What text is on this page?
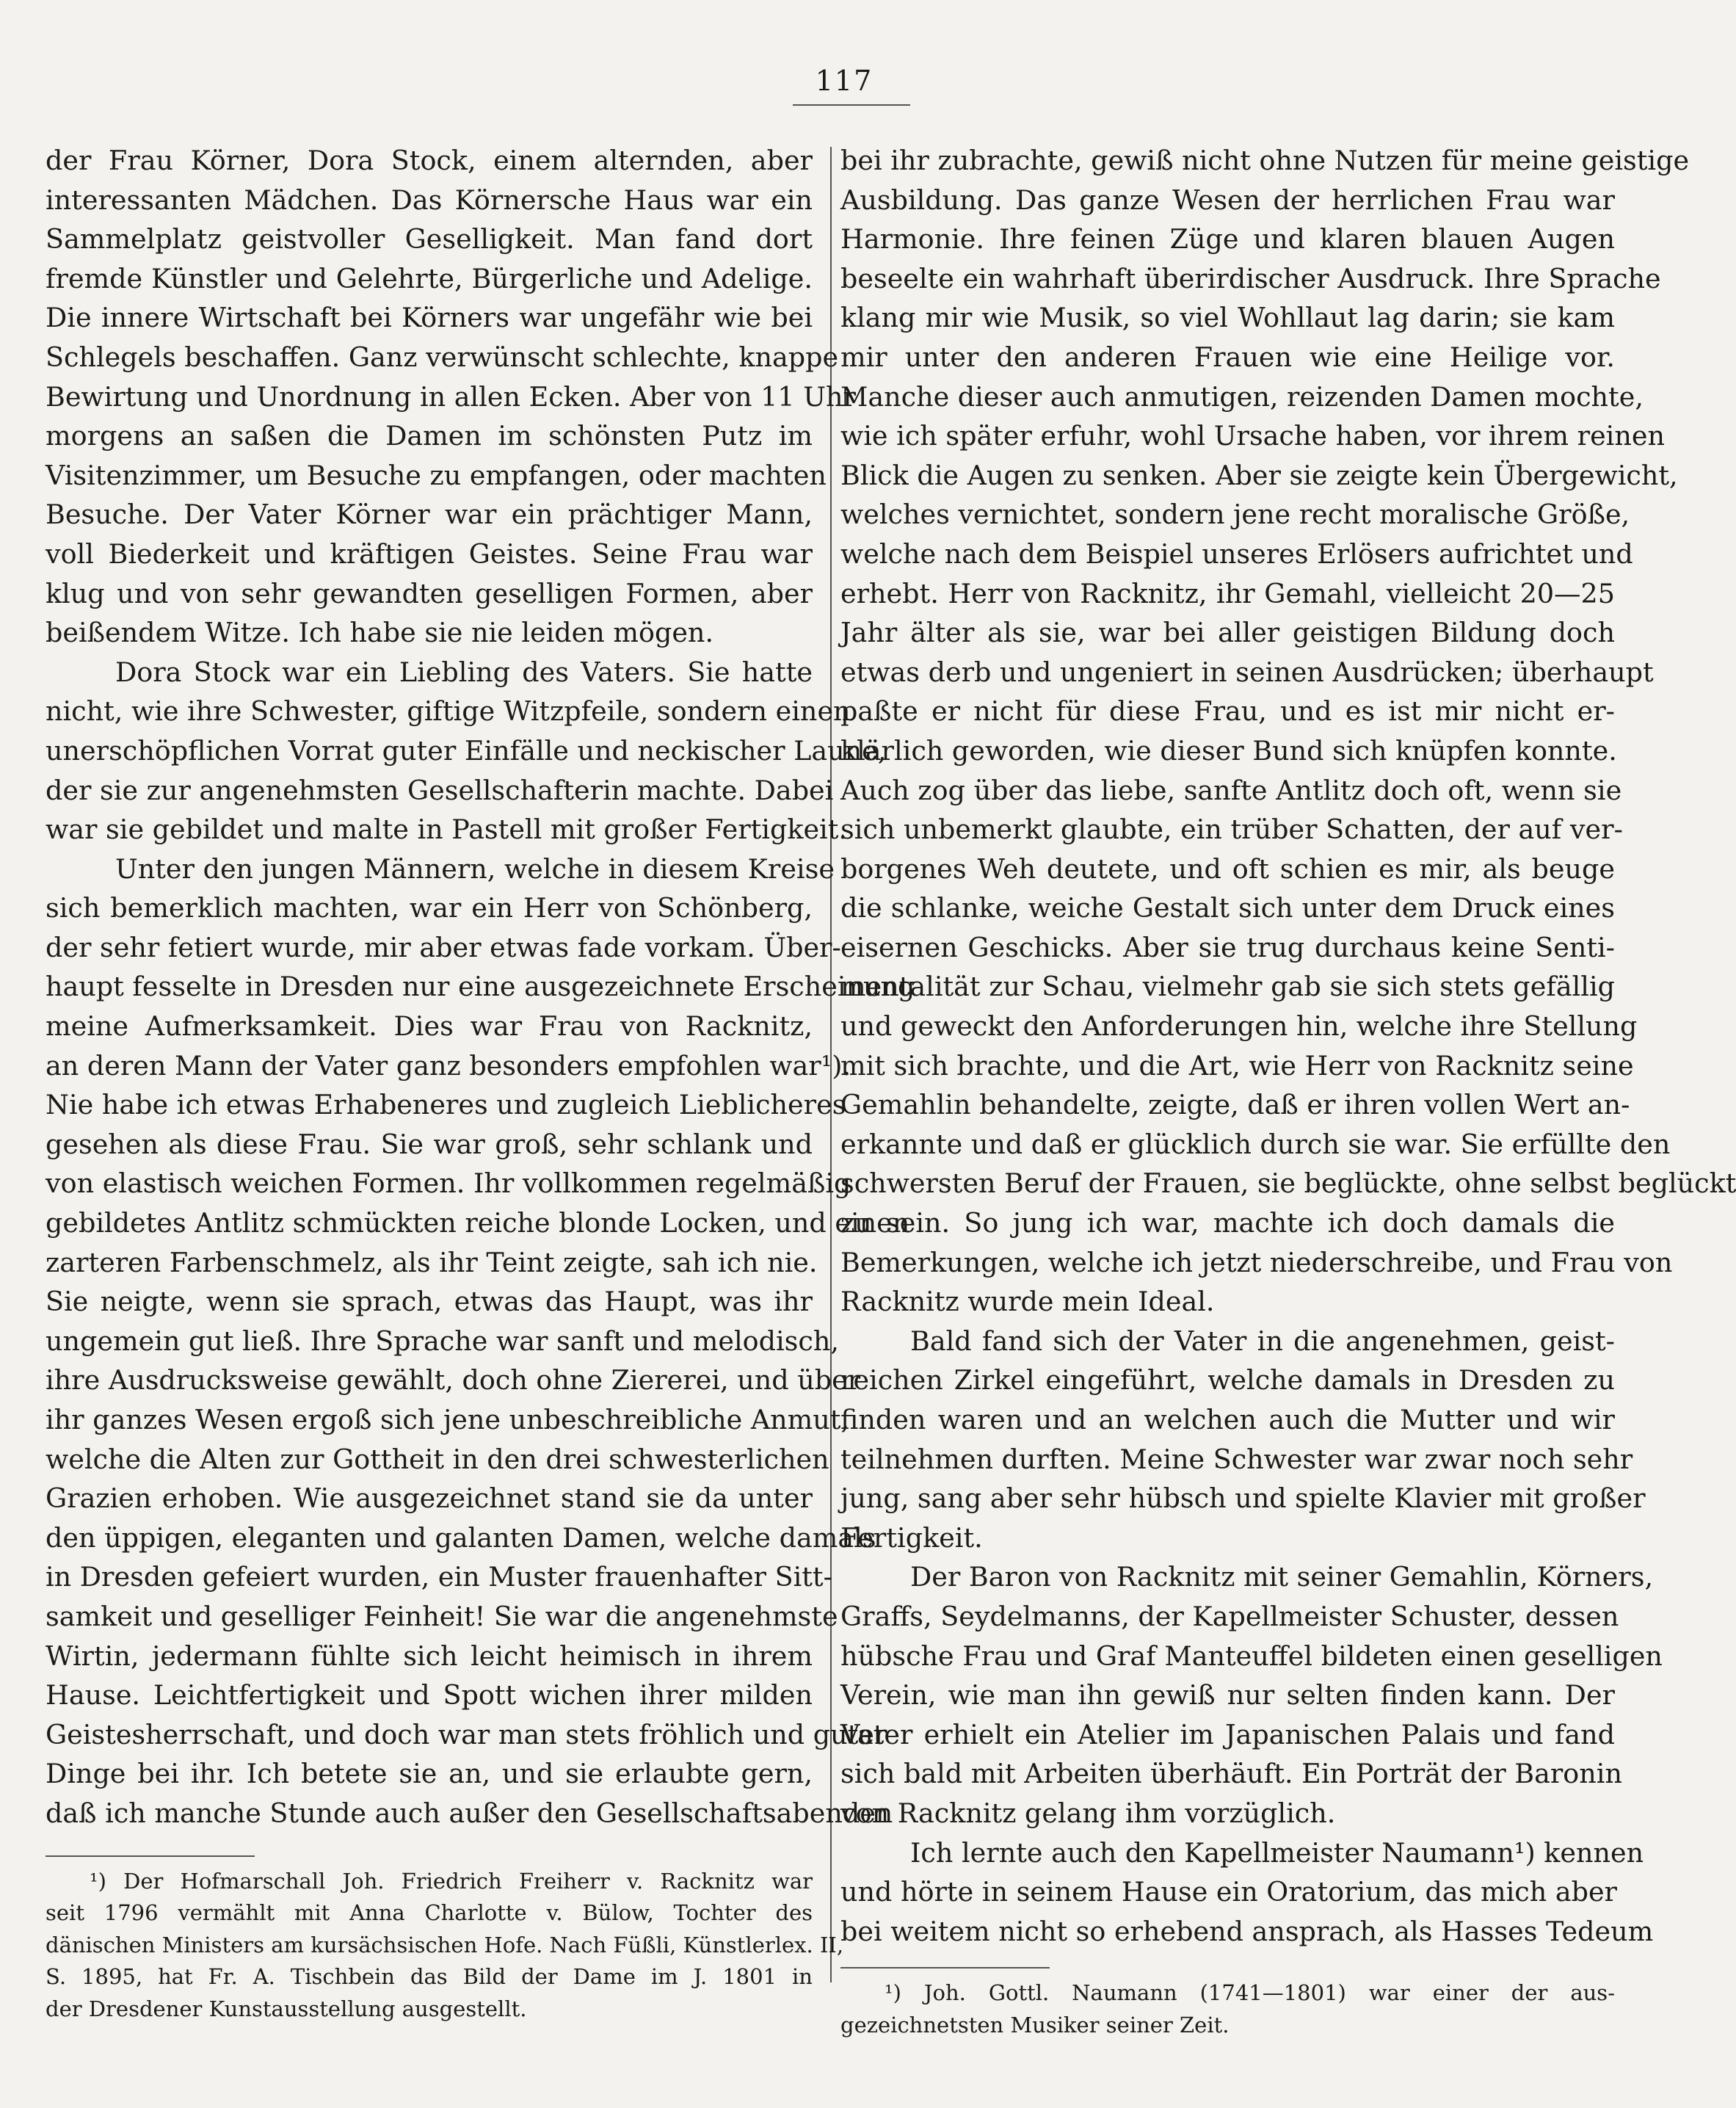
117
der Frau Körner, Dora Stock, einem alternden, aber
interessanten Mädchen. Das Körnersche Haus war ein
Sammelplatz geistvoller Geselligkeit. Man fand dort
fremde Künstler und Gelehrte, Bürgerliche und Adelige.
Die innere Wirtschaft bei Körners war ungefähr wie bei
Schlegels beschaffen. Ganz verwünscht schlechte, knappe
Bewirtung und Unordnung in allen Ecken. Aber von 11 Uhr
morgens an saßen die Damen im schönsten Putz im
Visitenzimmer, um Besuche zu empfangen, oder machten
Besuche. Der Vater Körner war ein prächtiger Mann,
voll Biederkeit und kräftigen Geistes. Seine Frau war
klug und von sehr gewandten geselligen Formen, aber
beißendem Witze. Ich habe sie nie leiden mögen.
Dora Stock war ein Liebling des Vaters. Sie hatte
nicht, wie ihre Schwester, giftige Witzpfeile, sondern einen
unerschöpflichen Vorrat guter Einfälle und neckischer Laune,
der sie zur angenehmsten Gesellschafterin machte. Dabei
war sie gebildet und malte in Pastell mit großer Fertigkeit.
Unter den jungen Männern, welche in diesem Kreise
sich bemerklich machten, war ein Herr von Schönberg,
der sehr fetiert wurde, mir aber etwas fade vorkam. Über-
haupt fesselte in Dresden nur eine ausgezeichnete Erscheinung
meine Aufmerksamkeit. Dies war Frau von Racknitz,
an deren Mann der Vater ganz besonders empfohlen war¹).
Nie habe ich etwas Erhabeneres und zugleich Lieblicheres
gesehen als diese Frau. Sie war groß, sehr schlank und
von elastisch weichen Formen. Ihr vollkommen regelmäßig
gebildetes Antlitz schmückten reiche blonde Locken, und einen
zarteren Farbenschmelz, als ihr Teint zeigte, sah ich nie.
Sie neigte, wenn sie sprach, etwas das Haupt, was ihr
ungemein gut ließ. Ihre Sprache war sanft und melodisch,
ihre Ausdrucksweise gewählt, doch ohne Ziererei, und über
ihr ganzes Wesen ergoß sich jene unbeschreibliche Anmut,
welche die Alten zur Gottheit in den drei schwesterlichen
Grazien erhoben. Wie ausgezeichnet stand sie da unter
den üppigen, eleganten und galanten Damen, welche damals
in Dresden gefeiert wurden, ein Muster frauenhafter Sitt-
samkeit und geselliger Feinheit! Sie war die angenehmste
Wirtin, jedermann fühlte sich leicht heimisch in ihrem
Hause. Leichtfertigkeit und Spott wichen ihrer milden
Geistesherrschaft, und doch war man stets fröhlich und guter
Dinge bei ihr. Ich betete sie an, und sie erlaubte gern,
daß ich manche Stunde auch außer den Gesellschaftsabenden
¹) Der Hofmarschall Joh. Friedrich Freiherr v. Racknitz war
seit 1796 vermählt mit Anna Charlotte v. Bülow, Tochter des
dänischen Ministers am kursächsischen Hofe. Nach Füßli, Künstlerlex. II,
S. 1895, hat Fr. A. Tischbein das Bild der Dame im J. 1801 in
der Dresdener Kunstausstellung ausgestellt.
bei ihr zubrachte, gewiß nicht ohne Nutzen für meine geistige
Ausbildung. Das ganze Wesen der herrlichen Frau war
Harmonie. Ihre feinen Züge und klaren blauen Augen
beseelte ein wahrhaft überirdischer Ausdruck. Ihre Sprache
klang mir wie Musik, so viel Wohllaut lag darin; sie kam
mir unter den anderen Frauen wie eine Heilige vor.
Manche dieser auch anmutigen, reizenden Damen mochte,
wie ich später erfuhr, wohl Ursache haben, vor ihrem reinen
Blick die Augen zu senken. Aber sie zeigte kein Übergewicht,
welches vernichtet, sondern jene recht moralische Größe,
welche nach dem Beispiel unseres Erlösers aufrichtet und
erhebt. Herr von Racknitz, ihr Gemahl, vielleicht 20—25
Jahr älter als sie, war bei aller geistigen Bildung doch
etwas derb und ungeniert in seinen Ausdrücken; überhaupt
paßte er nicht für diese Frau, und es ist mir nicht er-
klärlich geworden, wie dieser Bund sich knüpfen konnte.
Auch zog über das liebe, sanfte Antlitz doch oft, wenn sie
sich unbemerkt glaubte, ein trüber Schatten, der auf ver-
borgenes Weh deutete, und oft schien es mir, als beuge
die schlanke, weiche Gestalt sich unter dem Druck eines
eisernen Geschicks. Aber sie trug durchaus keine Senti-
mentalität zur Schau, vielmehr gab sie sich stets gefällig
und geweckt den Anforderungen hin, welche ihre Stellung
mit sich brachte, und die Art, wie Herr von Racknitz seine
Gemahlin behandelte, zeigte, daß er ihren vollen Wert an-
erkannte und daß er glücklich durch sie war. Sie erfüllte den
schwersten Beruf der Frauen, sie beglückte, ohne selbst beglückt
zu sein. So jung ich war, machte ich doch damals die
Bemerkungen, welche ich jetzt niederschreibe, und Frau von
Racknitz wurde mein Ideal.
Bald fand sich der Vater in die angenehmen, geist-
reichen Zirkel eingeführt, welche damals in Dresden zu
finden waren und an welchen auch die Mutter und wir
teilnehmen durften. Meine Schwester war zwar noch sehr
jung, sang aber sehr hübsch und spielte Klavier mit großer
Fertigkeit.
Der Baron von Racknitz mit seiner Gemahlin, Körners,
Graffs, Seydelmanns, der Kapellmeister Schuster, dessen
hübsche Frau und Graf Manteuffel bildeten einen geselligen
Verein, wie man ihn gewiß nur selten finden kann. Der
Vater erhielt ein Atelier im Japanischen Palais und fand
sich bald mit Arbeiten überhäuft. Ein Porträt der Baronin
von Racknitz gelang ihm vorzüglich.
Ich lernte auch den Kapellmeister Naumann¹) kennen
und hörte in seinem Hause ein Oratorium, das mich aber
bei weitem nicht so erhebend ansprach, als Hasses Tedeum
¹) Joh. Gottl. Naumann (1741—1801) war einer der aus-
gezeichnetsten Musiker seiner Zeit.
